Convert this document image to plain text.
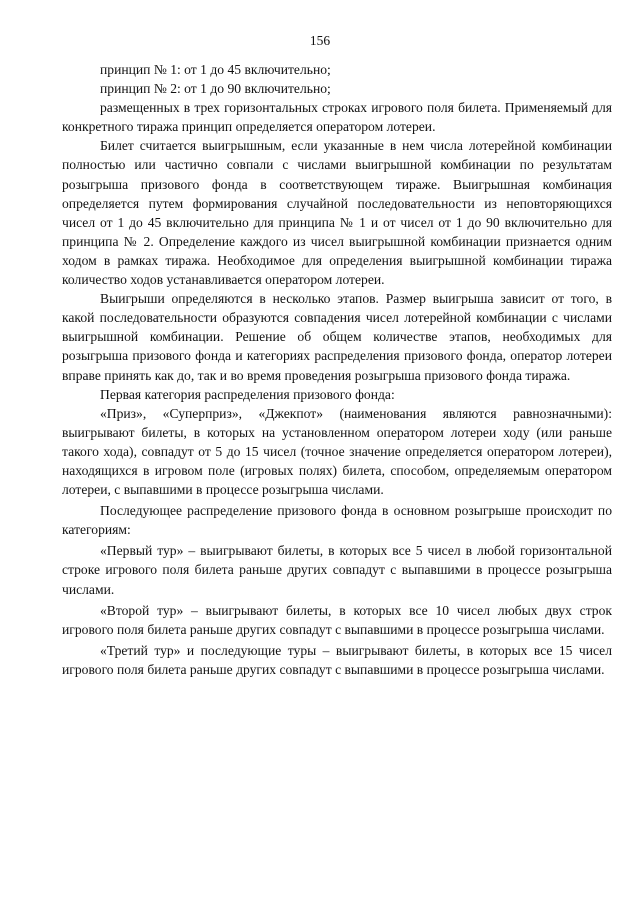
156

принцип № 1: от 1 до 45 включительно;

принцип № 2: от 1 до 90 включительно;

размещенных в трех горизонтальных строках игрового поля билета. Применяемый для конкретного тиража принцип определяется оператором лотереи.

Билет считается выигрышным, если указанные в нем числа лотерейной комбинации полностью или частично совпали с числами выигрышной комбинации по результатам розыгрыша призового фонда в соответствующем тираже. Выигрышная комбинация определяется путем формирования случайной последовательности из неповторяющихся чисел от 1 до 45 включительно для принципа № 1 и от чисел от 1 до 90 включительно для принципа № 2. Определение каждого из чисел выигрышной комбинации признается одним ходом в рамках тиража. Необходимое для определения выигрышной комбинации тиража количество ходов устанавливается оператором лотереи.

Выигрыши определяются в несколько этапов. Размер выигрыша зависит от того, в какой последовательности образуются совпадения чисел лотерейной комбинации с числами выигрышной комбинации. Решение об общем количестве этапов, необходимых для розыгрыша призового фонда и категориях распределения призового фонда, оператор лотереи вправе принять как до, так и во время проведения розыгрыша призового фонда тиража.

Первая категория распределения призового фонда:

«Приз», «Суперприз», «Джекпот» (наименования являются равнозначными): выигрывают билеты, в которых на установленном оператором лотереи ходу (или раньше такого хода), совпадут от 5 до 15 чисел (точное значение определяется оператором лотереи), находящихся в игровом поле (игровых полях) билета, способом, определяемым оператором лотереи, с выпавшими в процессе розыгрыша числами.

Последующее распределение призового фонда в основном розыгрыше происходит по категориям:

«Первый тур» – выигрывают билеты, в которых все 5 чисел в любой горизонтальной строке игрового поля билета раньше других совпадут с выпавшими в процессе розыгрыша числами.

«Второй тур» – выигрывают билеты, в которых все 10 чисел любых двух строк игрового поля билета раньше других совпадут с выпавшими в процессе розыгрыша числами.

«Третий тур» и последующие туры – выигрывают билеты, в которых все 15 чисел игрового поля билета раньше других совпадут с выпавшими в процессе розыгрыша числами.
